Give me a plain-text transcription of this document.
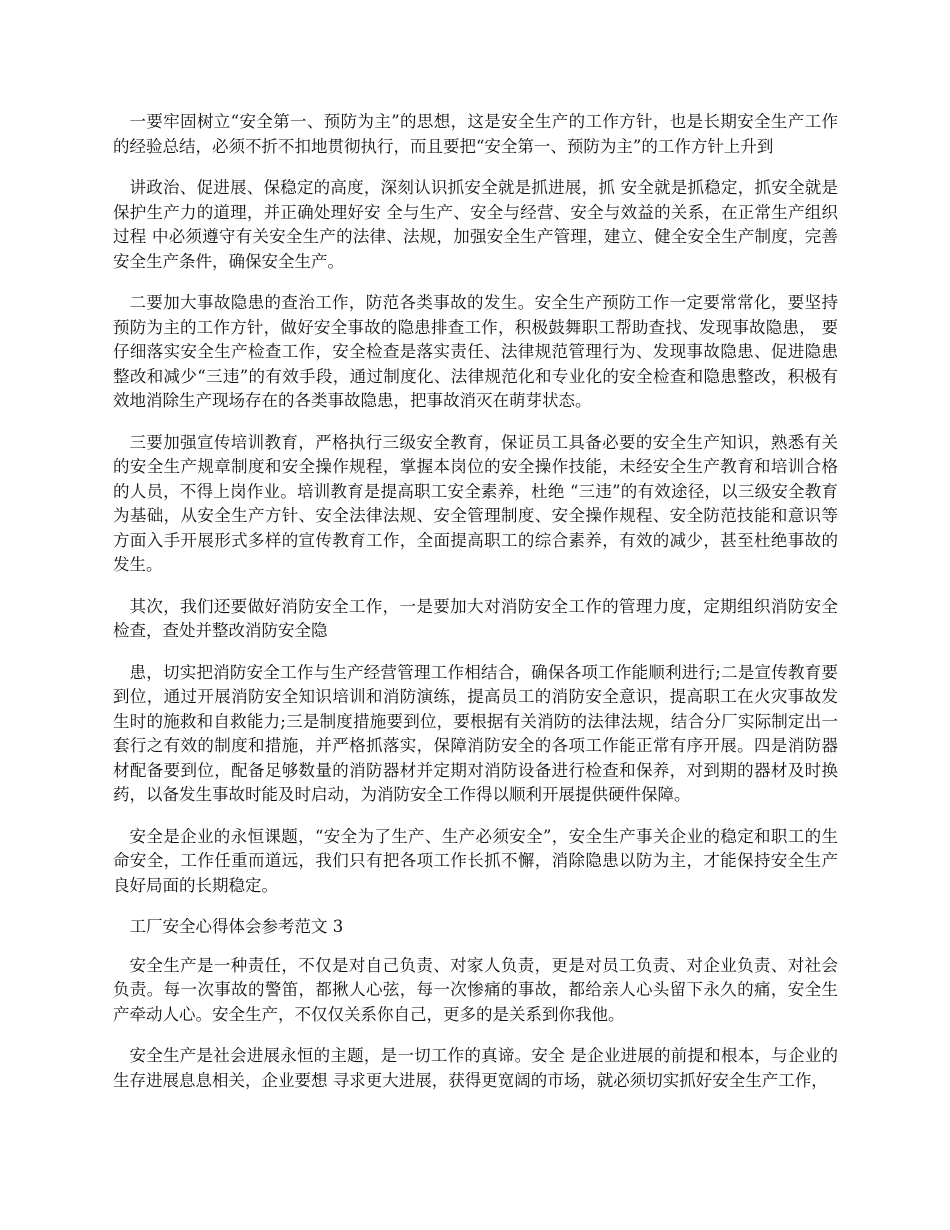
一要牢固树立“安全第一、预防为主”的思想，这是安全生产的工作方针，也是长期安全生产工作的经验总结，必须不折不扣地贯彻执行，而且要把“安全第一、预防为主”的工作方针上升到

讲政治、促进展、保稳定的高度，深刻认识抓安全就是抓进展，抓 安全就是抓稳定，抓安全就是保护生产力的道理，并正确处理好安 全与生产、安全与经营、安全与效益的关系，在正常生产组织过程 中必须遵守有关安全生产的法律、法规，加强安全生产管理，建立、健全安全生产制度，完善安全生产条件，确保安全生产。

二要加大事故隐患的查治工作，防范各类事故的发生。安全生产预防工作一定要常常化，要坚持预防为主的工作方针，做好安全事故的隐患排查工作，积极鼓舞职工帮助查找、发现事故隐患， 要仔细落实安全生产检查工作，安全检查是落实责任、法律规范管理行为、发现事故隐患、促进隐患整改和减少“三违”的有效手段，通过制度化、法律规范化和专业化的安全检查和隐患整改，积极有效地消除生产现场存在的各类事故隐患，把事故消灭在萌芽状态。

三要加强宣传培训教育，严格执行三级安全教育，保证员工具备必要的安全生产知识，熟悉有关的安全生产规章制度和安全操作规程，掌握本岗位的安全操作技能，未经安全生产教育和培训合格的人员，不得上岗作业。培训教育是提高职工安全素养，杜绝 “三违”的有效途径，以三级安全教育为基础，从安全生产方针、安全法律法规、安全管理制度、安全操作规程、安全防范技能和意识等方面入手开展形式多样的宣传教育工作，全面提高职工的综合素养，有效的减少，甚至杜绝事故的发生。

其次，我们还要做好消防安全工作，一是要加大对消防安全工作的管理力度，定期组织消防安全检查，查处并整改消防安全隐

患，切实把消防安全工作与生产经营管理工作相结合，确保各项工作能顺利进行;二是宣传教育要到位，通过开展消防安全知识培训和消防演练，提高员工的消防安全意识，提高职工在火灾事故发生时的施救和自救能力;三是制度措施要到位，要根据有关消防的法律法规，结合分厂实际制定出一套行之有效的制度和措施，并严格抓落实，保障消防安全的各项工作能正常有序开展。四是消防器材配备要到位，配备足够数量的消防器材并定期对消防设备进行检查和保养，对到期的器材及时换药，以备发生事故时能及时启动，为消防安全工作得以顺利开展提供硬件保障。

安全是企业的永恒课题，“安全为了生产、生产必须安全”，安全生产事关企业的稳定和职工的生命安全，工作任重而道远，我们只有把各项工作长抓不懈，消除隐患以防为主，才能保持安全生产良好局面的长期稳定。

工厂安全心得体会参考范文 3

安全生产是一种责任，不仅是对自己负责、对家人负责，更是对员工负责、对企业负责、对社会负责。每一次事故的警笛，都揪人心弦，每一次惨痛的事故，都给亲人心头留下永久的痛，安全生产牵动人心。安全生产，不仅仅关系你自己，更多的是关系到你我他。

安全生产是社会进展永恒的主题，是一切工作的真谛。安全 是企业进展的前提和根本，与企业的生存进展息息相关，企业要想 寻求更大进展，获得更宽阔的市场，就必须切实抓好安全生产工作，
